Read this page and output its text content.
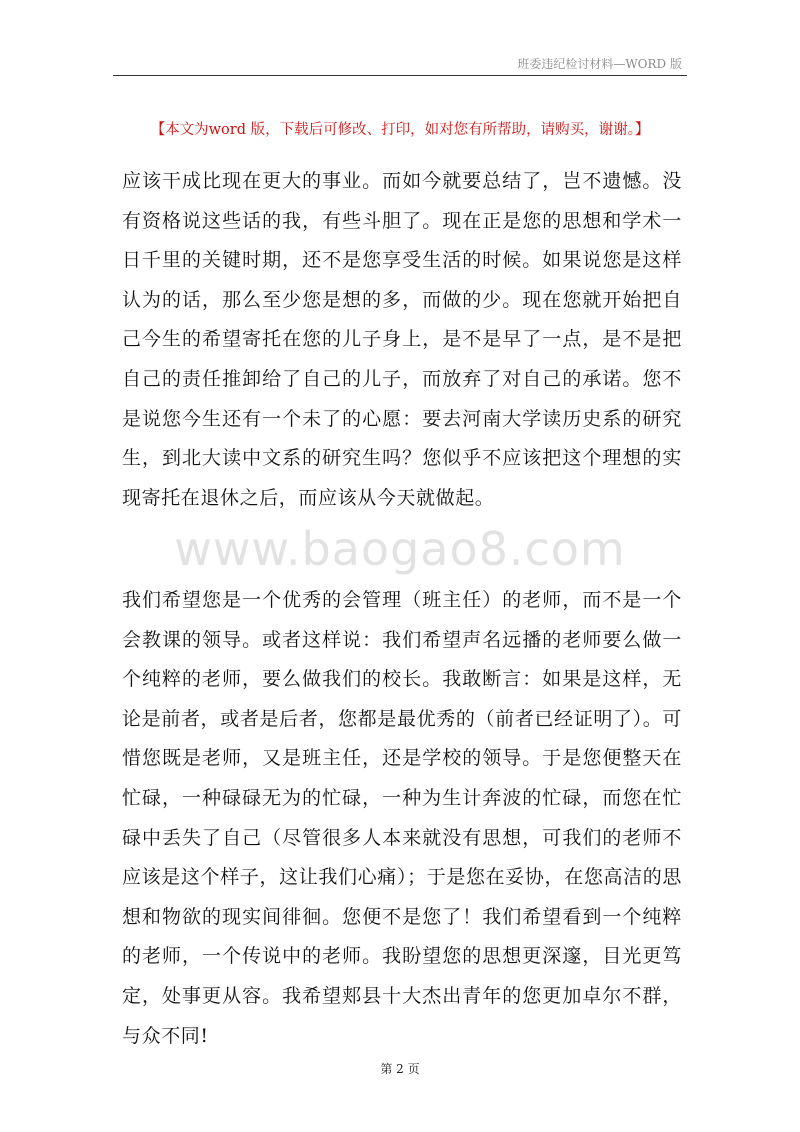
班委违纪检讨材料—WORD 版
【本文为word 版，下载后可修改、打印，如对您有所帮助，请购买，谢谢。】

应该干成比现在更大的事业。而如今就要总结了，岂不遗憾。没有资格说这些话的我，有些斗胆了。现在正是您的思想和学术一日千里的关键时期，还不是您享受生活的时候。如果说您是这样认为的话，那么至少您是想的多，而做的少。现在您就开始把自己今生的希望寄托在您的儿子身上，是不是早了一点，是不是把自己的责任推卸给了自己的儿子，而放弃了对自己的承诺。您不是说您今生还有一个未了的心愿：要去河南大学读历史系的研究生，到北大读中文系的研究生吗？您似乎不应该把这个理想的实现寄托在退休之后，而应该从今天就做起。

www.baogao8.com

我们希望您是一个优秀的会管理（班主任）的老师，而不是一个会教课的领导。或者这样说：我们希望声名远播的老师要么做一个纯粹的老师，要么做我们的校长。我敢断言：如果是这样，无论是前者，或者是后者，您都是最优秀的（前者已经证明了）。可惜您既是老师，又是班主任，还是学校的领导。于是您便整天在忙碌，一种碌碌无为的忙碌，一种为生计奔波的忙碌，而您在忙碌中丢失了自己（尽管很多人本来就没有思想，可我们的老师不应该是这个样子，这让我们心痛）；于是您在妥协，在您高洁的思想和物欲的现实间徘徊。您便不是您了！我们希望看到一个纯粹的老师，一个传说中的老师。我盼望您的思想更深邃，目光更笃定，处事更从容。我希望郏县十大杰出青年的您更加卓尔不群，与众不同!

第 2 页
